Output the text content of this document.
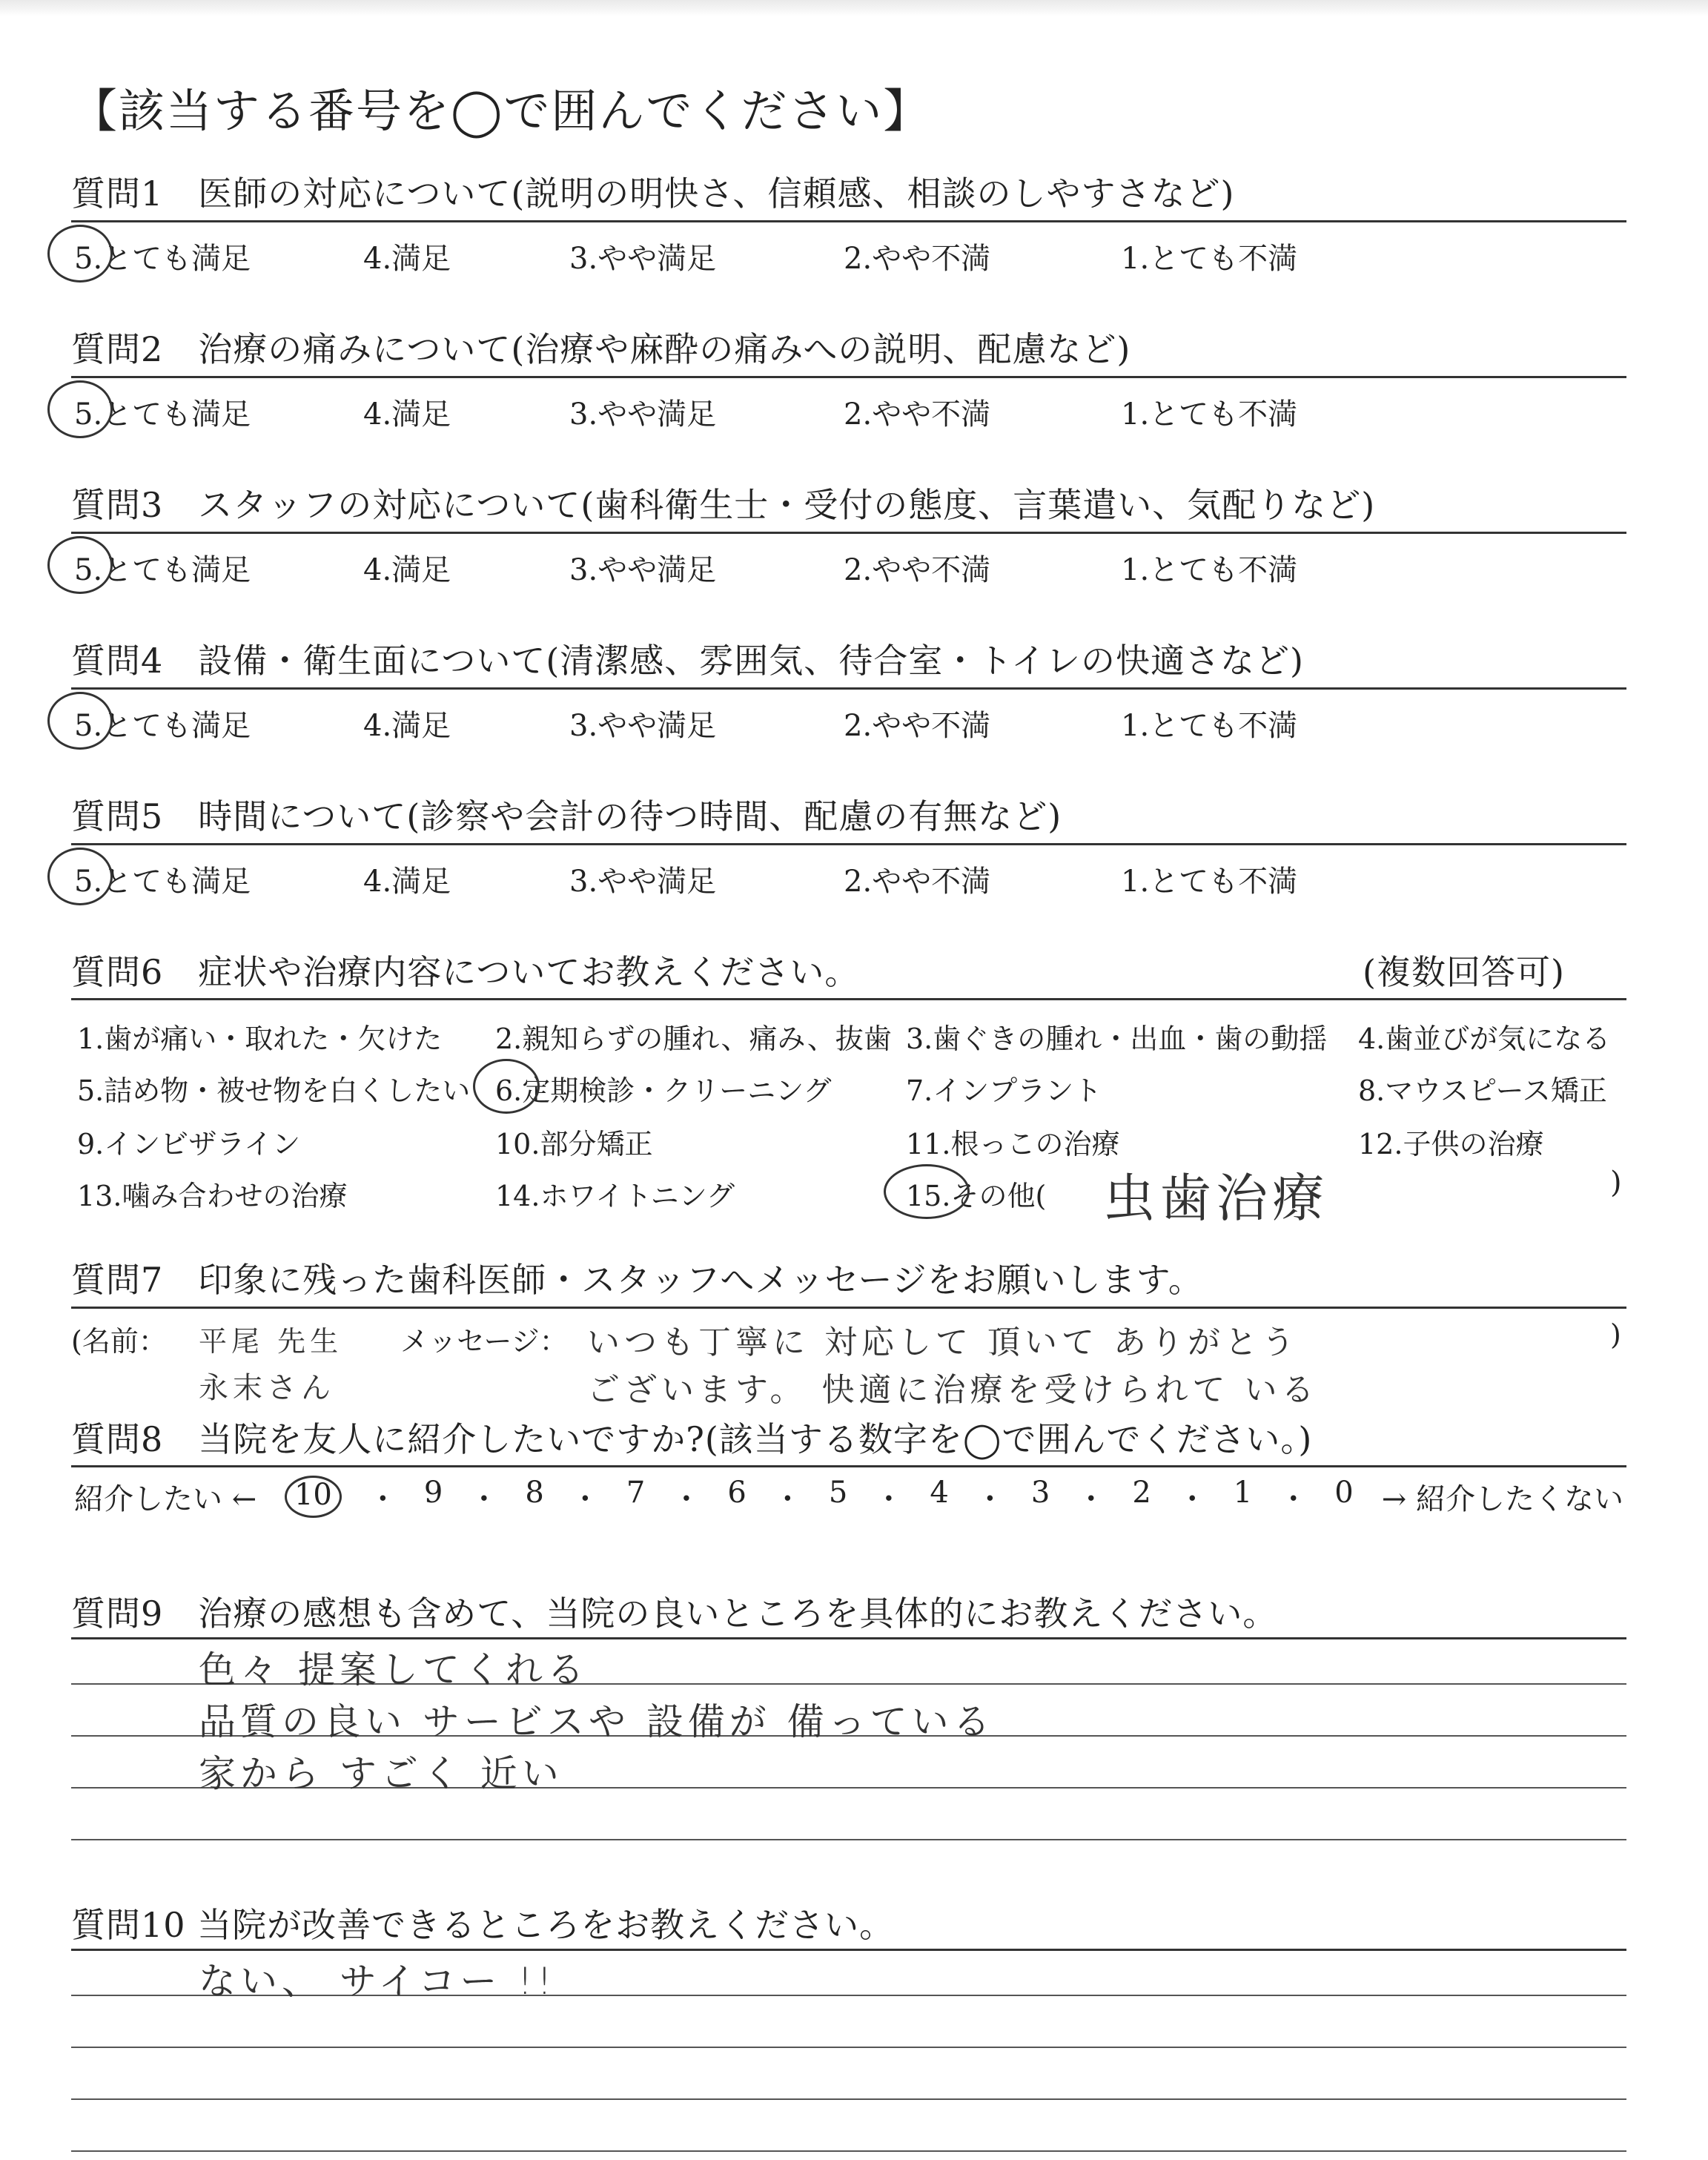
【該当する番号を◯で囲んでください】
質問1　医師の対応について(説明の明快さ、信頼感、相談のしやすさなど)
5.とても満足	4.満足	3.やや満足	2.やや不満	1.とても不満
質問2　治療の痛みについて(治療や麻酔の痛みへの説明、配慮など)
5.とても満足	4.満足	3.やや満足	2.やや不満	1.とても不満
質問3　スタッフの対応について(歯科衛生士・受付の態度、言葉遣い、気配りなど)
5.とても満足	4.満足	3.やや満足	2.やや不満	1.とても不満
質問4　設備・衛生面について(清潔感、雰囲気、待合室・トイレの快適さなど)
5.とても満足	4.満足	3.やや満足	2.やや不満	1.とても不満
質問5　時間について(診察や会計の待つ時間、配慮の有無など)
5.とても満足	4.満足	3.やや満足	2.やや不満	1.とても不満
質問6　症状や治療内容についてお教えください。	(複数回答可)
1.歯が痛い・取れた・欠けた 2.親知らずの腫れ、痛み、抜歯 3.歯ぐきの腫れ・出血・歯の動揺 4.歯並びが気になる
5.詰め物・被せ物を白くしたい 6.定期検診・クリーニング	7.インプラント	8.マウスピース矯正
9.インビザライン	10.部分矯正	11.根っこの治療	12.子供の治療
13.噛み合わせの治療	14.ホワイトニング	15.その他(	)
虫歯治療
質問7　印象に残った歯科医師・スタッフへメッセージをお願いします。
(名前：	メッセージ：	)
平尾 先生
永末さん
いつも丁寧に 対応して 頂いて ありがとう
ございます。 快適に治療を受けられて いる
質問8　当院を友人に紹介したいですか?(該当する数字を◯で囲んでください。)
紹介したい ←	10	・ 9 ・ 8 ・ 7 ・ 6 ・ 5 ・ 4 ・ 3 ・ 2 ・ 1 ・ 0 → 紹介したくない
質問9　治療の感想も含めて、当院の良いところを具体的にお教えください。
色々 提案してくれる
品質の良い サービスや 設備が 備っている
家から すごく 近い
質問10 当院が改善できるところをお教えください。
ない、 サイコー !!
